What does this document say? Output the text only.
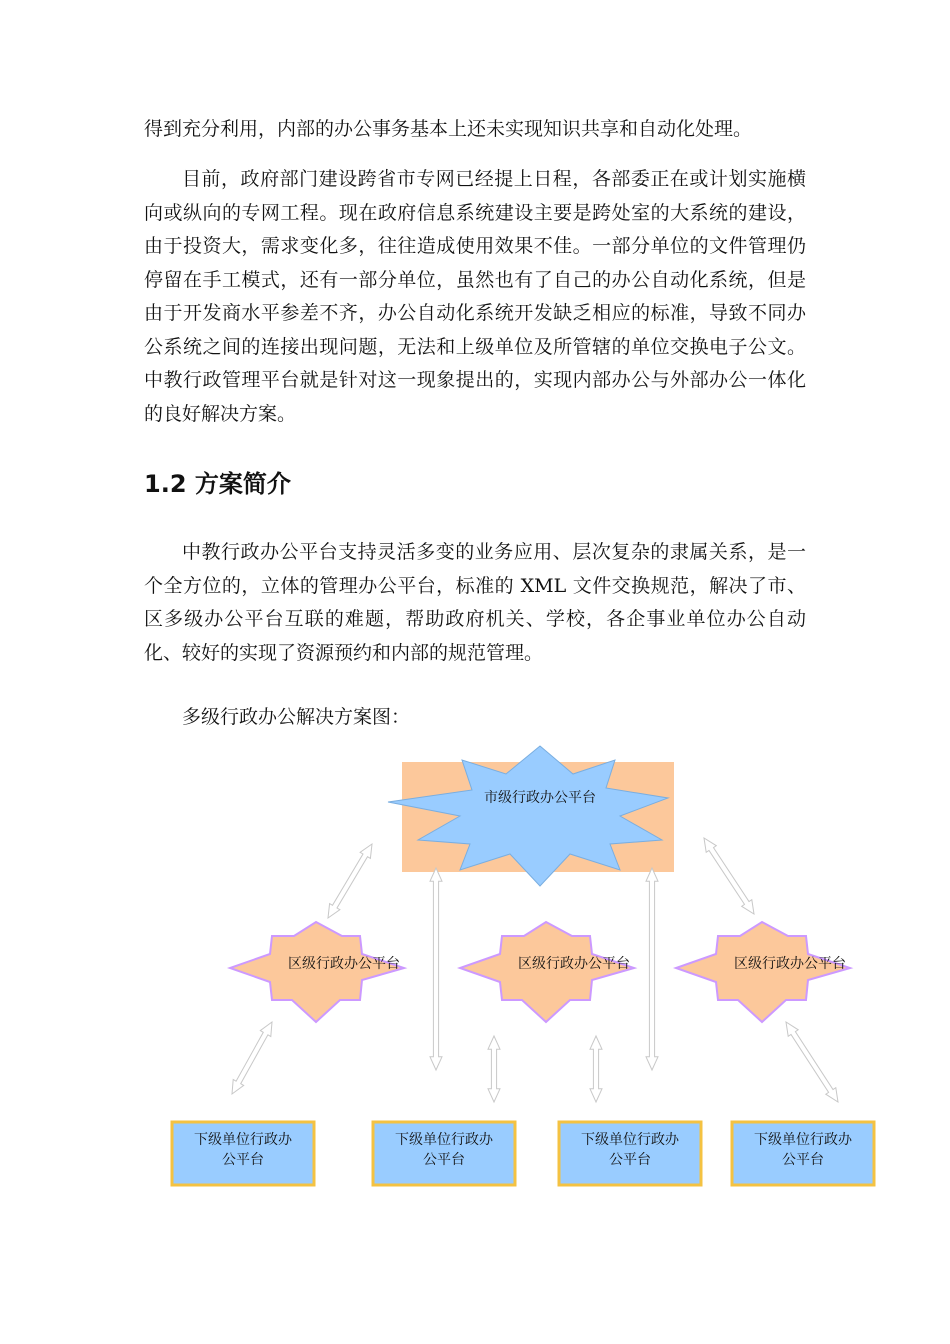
得到充分利用，内部的办公事务基本上还未实现知识共享和自动化处理。

目前，政府部门建设跨省市专网已经提上日程，各部委正在或计划实施横向或纵向的专网工程。现在政府信息系统建设主要是跨处室的大系统的建设，由于投资大，需求变化多，往往造成使用效果不佳。一部分单位的文件管理仍停留在手工模式，还有一部分单位，虽然也有了自己的办公自动化系统，但是由于开发商水平参差不齐，办公自动化系统开发缺乏相应的标准，导致不同办公系统之间的连接出现问题，无法和上级单位及所管辖的单位交换电子公文。中教行政管理平台就是针对这一现象提出的，实现内部办公与外部办公一体化的良好解决方案。

1.2 方案简介

中教行政办公平台支持灵活多变的业务应用、层次复杂的隶属关系，是一个全方位的，立体的管理办公平台，标准的 XML 文件交换规范，解决了市、区多级办公平台互联的难题，帮助政府机关、学校，各企事业单位办公自动化、较好的实现了资源预约和内部的规范管理。

多级行政办公解决方案图：

市级行政办公平台
区级行政办公平台	区级行政办公平台	区级行政办公平台
下级单位行政办
公平台
下级单位行政办
公平台
下级单位行政办
公平台
下级单位行政办
公平台
